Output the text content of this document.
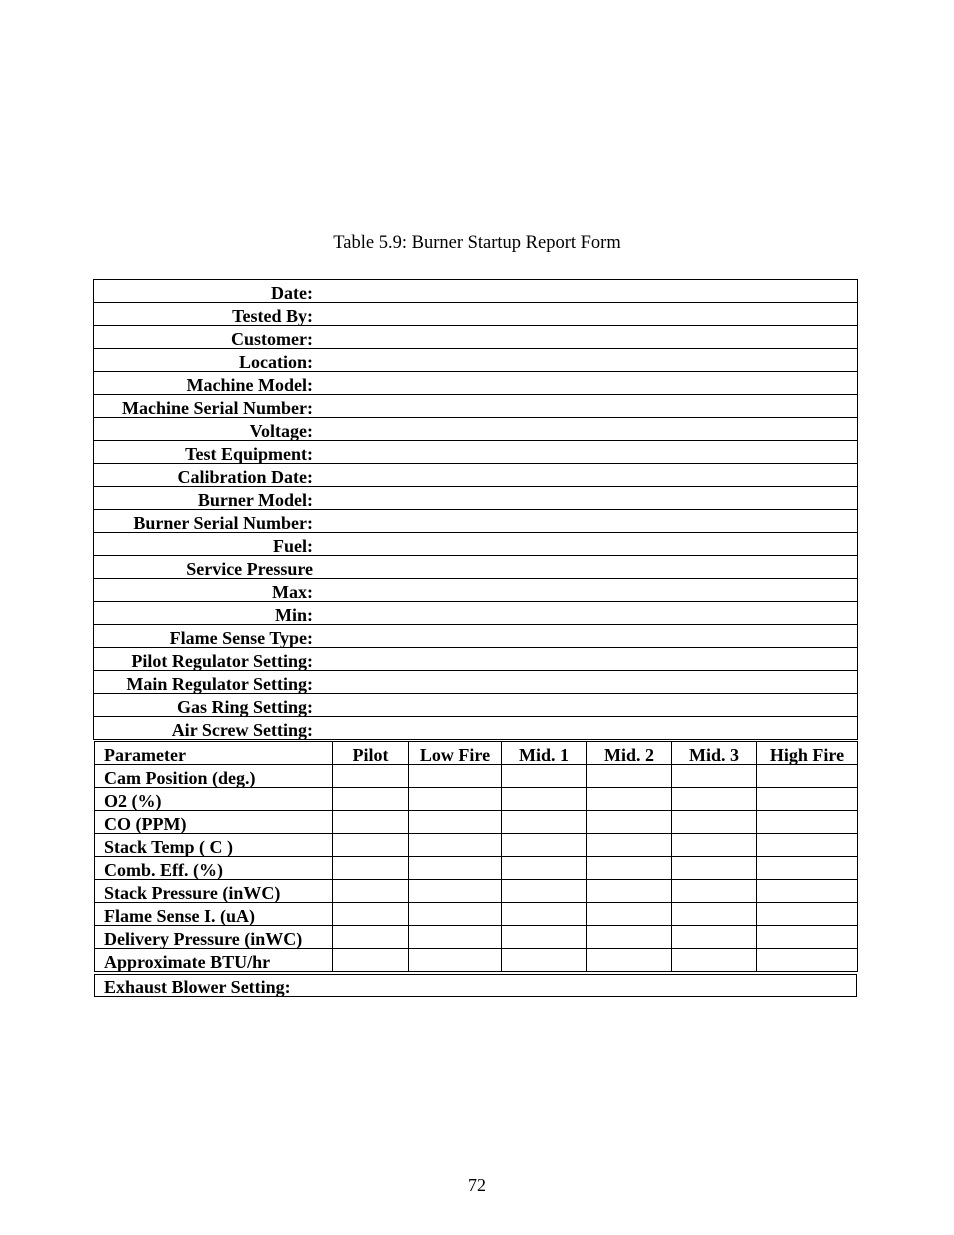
Table 5.9: Burner Startup Report Form
Date:	
Tested By:	
Customer:	
Location:	
Machine Model:	
Machine Serial Number:	
Voltage:	
Test Equipment:	
Calibration Date:	
Burner Model:	
Burner Serial Number:	
Fuel:	
Service Pressure	
Max:	
Min:	
Flame Sense Type:	
Pilot Regulator Setting:	
Main Regulator Setting:	
Gas Ring Setting:	
Air Screw Setting:	
Parameter	Pilot	Low Fire	Mid. 1	Mid. 2	Mid. 3	High Fire
Cam Position (deg.)						
O2 (%)						
CO (PPM)						
Stack Temp ( C )						
Comb. Eff. (%)						
Stack Pressure (inWC)						
Flame Sense I. (uA)						
Delivery Pressure (inWC)						
Approximate BTU/hr						
Exhaust Blower Setting:
72
